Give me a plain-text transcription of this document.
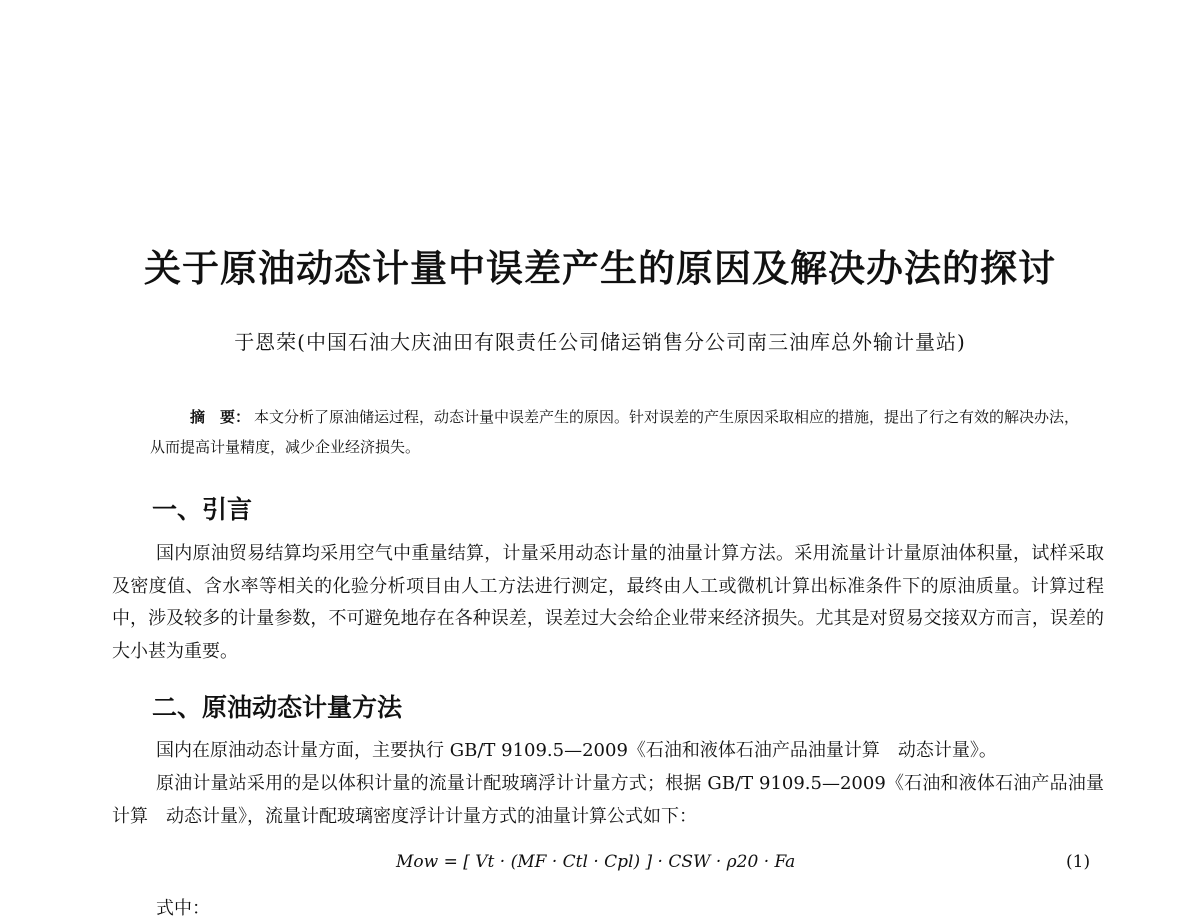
关于原油动态计量中误差产生的原因及解决办法的探讨
于恩荣(中国石油大庆油田有限责任公司储运销售分公司南三油库总外输计量站)
摘　要： 本文分析了原油储运过程，动态计量中误差产生的原因。针对误差的产生原因采取相应的措施，提出了行之有效的解决办法，从而提高计量精度，减少企业经济损失。
一、引言

国内原油贸易结算均采用空气中重量结算，计量采用动态计量的油量计算方法。采用流量计计量原油体积量，试样采取及密度值、含水率等相关的化验分析项目由人工方法进行测定，最终由人工或微机计算出标准条件下的原油质量。计算过程中，涉及较多的计量参数，不可避免地存在各种误差，误差过大会给企业带来经济损失。尤其是对贸易交接双方而言，误差的大小甚为重要。

二、原油动态计量方法

国内在原油动态计量方面，主要执行 GB/T 9109.5—2009《石油和液体石油产品油量计算　动态计量》。

原油计量站采用的是以体积计量的流量计配玻璃浮计计量方式；根据 GB/T 9109.5—2009《石油和液体石油产品油量计算　动态计量》，流量计配玻璃密度浮计计量方式的油量计算公式如下：

Mow = [ Vt · (MF · Ctl · Cpl) ] · CSW · ρ20 · Fa	(1)
式中：
